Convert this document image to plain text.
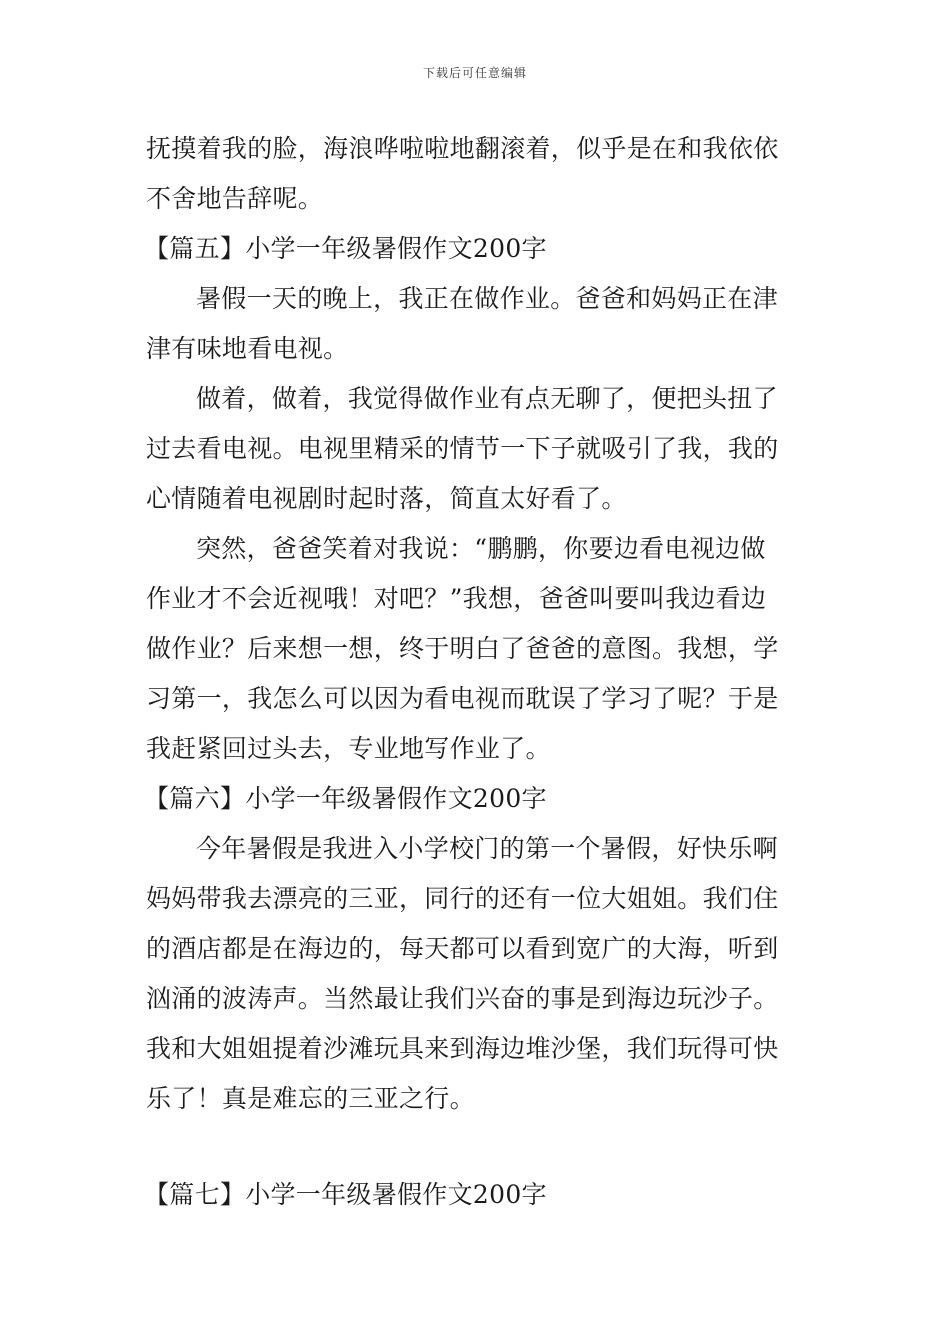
下载后可任意编辑
抚摸着我的脸，海浪哗啦啦地翻滚着，似乎是在和我依依
不舍地告辞呢。
【篇五】小学一年级暑假作文200字
暑假一天的晚上，我正在做作业。爸爸和妈妈正在津
津有味地看电视。
做着，做着，我觉得做作业有点无聊了，便把头扭了
过去看电视。电视里精采的情节一下子就吸引了我，我的
心情随着电视剧时起时落，简直太好看了。
突然，爸爸笑着对我说：“鹏鹏，你要边看电视边做
作业才不会近视哦！对吧？”我想，爸爸叫要叫我边看边
做作业？后来想一想，终于明白了爸爸的意图。我想，学
习第一，我怎么可以因为看电视而耽误了学习了呢？于是
我赶紧回过头去，专业地写作业了。
【篇六】小学一年级暑假作文200字
今年暑假是我进入小学校门的第一个暑假，好快乐啊
妈妈带我去漂亮的三亚，同行的还有一位大姐姐。我们住
的酒店都是在海边的，每天都可以看到宽广的大海，听到
汹涌的波涛声。当然最让我们兴奋的事是到海边玩沙子。
我和大姐姐提着沙滩玩具来到海边堆沙堡，我们玩得可快
乐了！真是难忘的三亚之行。
【篇七】小学一年级暑假作文200字
